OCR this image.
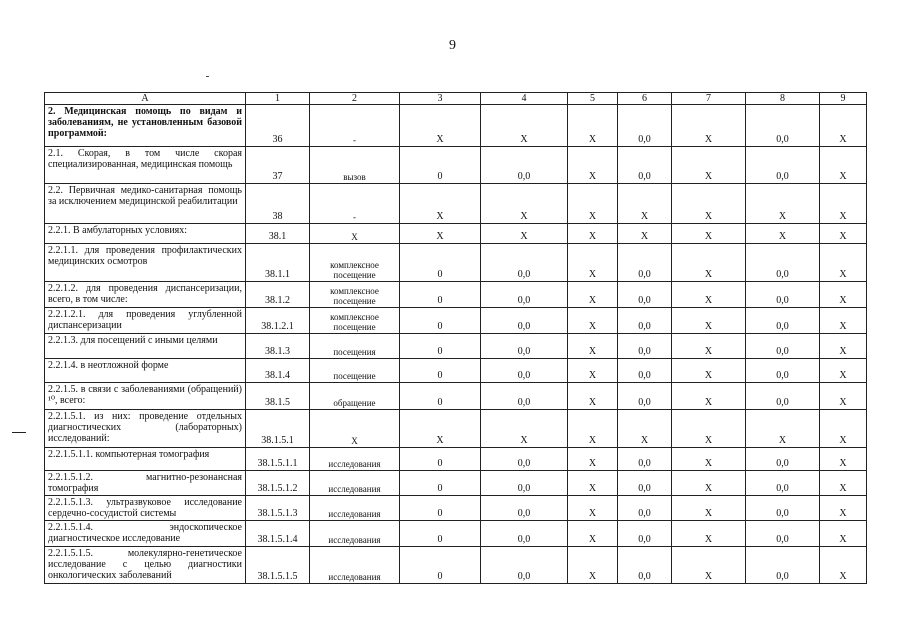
9
А	1	2	3	4	5	6	7	8	9
2. Медицинская помощь по видам и заболеваниям, не установленным базовой программой:	36	-	Х	Х	Х	0,0	Х	0,0	Х
2.1. Скорая, в том числе скорая специализированная, медицинская помощь	37	вызов	0	0,0	Х	0,0	Х	0,0	Х
2.2. Первичная медико-санитарная помощь за исключением медицинской реабилитации	38	-	Х	Х	Х	Х	Х	Х	Х
2.2.1. В амбулаторных условиях:	38.1	Х	Х	Х	Х	Х	Х	Х	Х
2.2.1.1. для проведения профилактических медицинских осмотров	38.1.1	комплексное посещение	0	0,0	Х	0,0	Х	0,0	Х
2.2.1.2. для проведения диспансеризации, всего, в том числе:	38.1.2	комплексное посещение	0	0,0	Х	0,0	Х	0,0	Х
2.2.1.2.1. для проведения углубленной диспансеризации	38.1.2.1	комплексное посещение	0	0,0	Х	0,0	Х	0,0	Х
2.2.1.3. для посещений с иными целями	38.1.3	посещения	0	0,0	Х	0,0	Х	0,0	Х
2.2.1.4. в неотложной форме	38.1.4	посещение	0	0,0	Х	0,0	Х	0,0	Х
2.2.1.5. в связи с заболеваниями (обращений) ¹⁰, всего:	38.1.5	обращение	0	0,0	Х	0,0	Х	0,0	Х
2.2.1.5.1. из них: проведение отдельных диагностических (лабораторных) исследований:	38.1.5.1	Х	Х	Х	Х	Х	Х	Х	Х
2.2.1.5.1.1. компьютерная томография	38.1.5.1.1	исследования	0	0,0	Х	0,0	Х	0,0	Х
2.2.1.5.1.2. магнитно-резонансная томография	38.1.5.1.2	исследования	0	0,0	Х	0,0	Х	0,0	Х
2.2.1.5.1.3. ультразвуковое исследование сердечно-сосудистой системы	38.1.5.1.3	исследования	0	0,0	Х	0,0	Х	0,0	Х
2.2.1.5.1.4. эндоскопическое диагностическое исследование	38.1.5.1.4	исследования	0	0,0	Х	0,0	Х	0,0	Х
2.2.1.5.1.5. молекулярно-генетическое исследование с целью диагностики онкологических заболеваний	38.1.5.1.5	исследования	0	0,0	Х	0,0	Х	0,0	Х
